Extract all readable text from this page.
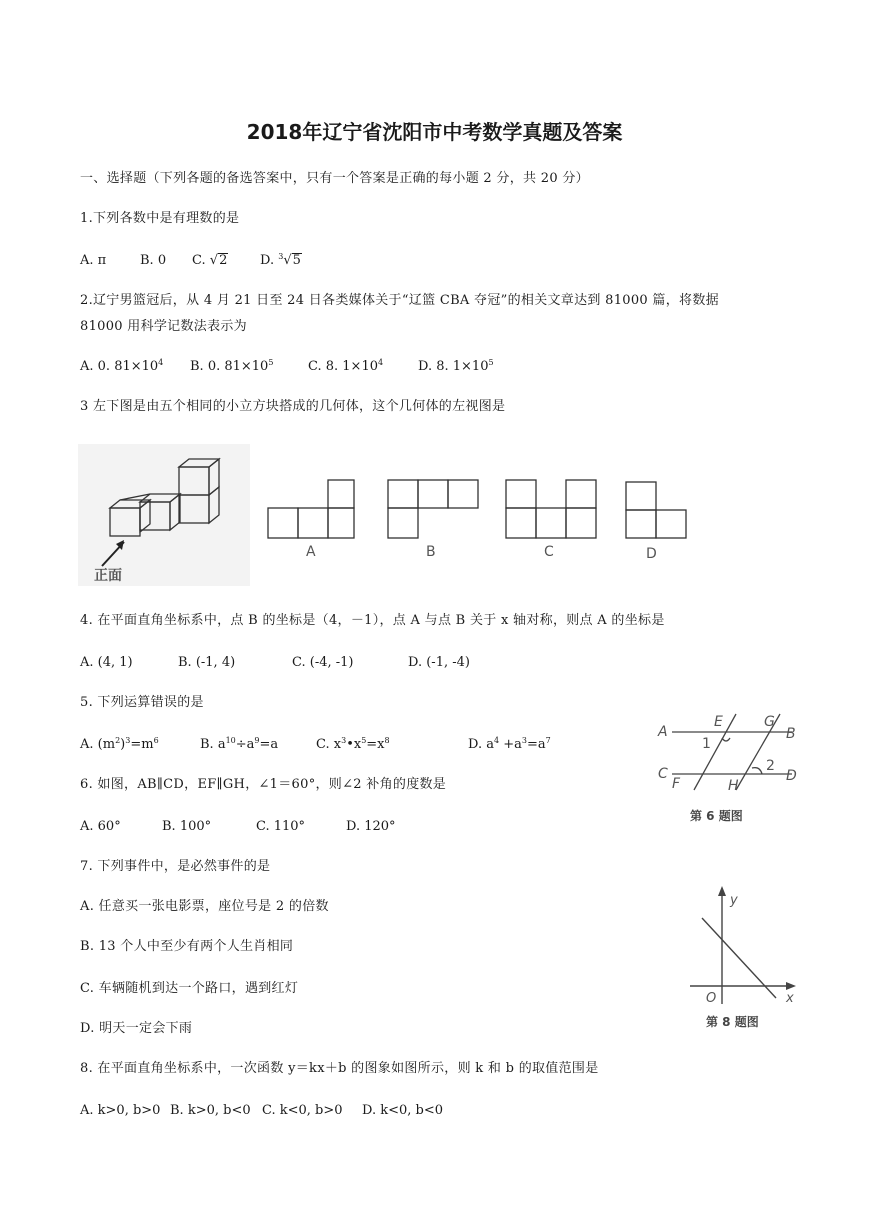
2018年辽宁省沈阳市中考数学真题及答案
一、选择题（下列各题的备选答案中，只有一个答案是正确的每小题 2 分，共 20 分）
1.下列各数中是有理数的是
A. π	B. 0 C. √2	D. $^3$√5
2.辽宁男篮冠后，从 4 月 21 日至 24 日各类媒体关于“辽篮 CBA 夺冠”的相关文章达到 81000 篇，将数据
81000 用科学记数法表示为
A. 0. $81\times 10^4$ B. 0. $81\times 10^5$	C. 8. $1\times 10^4$	D. 8. $1\times 10^5$
3 左下图是由五个相同的小立方块搭成的几何体，这个几何体的左视图是
正面
A	B	C	D
4. 在平面直角坐标系中，点 B 的坐标是（4，－1），点 A 与点 B 关于 x 轴对称，则点 A 的坐标是
A. (4, 1)	B. (-1, 4)	C. (-4, -1)	D. (-1, -4)
5. 下列运算错误的是
A. $(m^2)^3=m^6$	B. $a^{10}\div a^9=a$	C. $x^3•x^5=x^8$	D. $a^4 +a^3=a^7$
A	B
C	D
E	G
F	H
1
2
第 6 题图
6. 如图，AB∥CD，EF∥GH，∠1＝60°，则∠2 补角的度数是
A. 60°	B. 100°	C. 110°	D. 120°
7. 下列事件中，是必然事件的是
A. 任意买一张电影票，座位号是 2 的倍数
B. 13 个人中至少有两个人生肖相同
C. 车辆随机到达一个路口，遇到红灯
D. 明天一定会下雨
y
x
O
第 8 题图
8. 在平面直角坐标系中，一次函数 y＝kx＋b 的图象如图所示，则 k 和 b 的取值范围是
A. k>0, b>0 B. k>0, b<0 C. k<0, b>0 D. k<0, b<0
